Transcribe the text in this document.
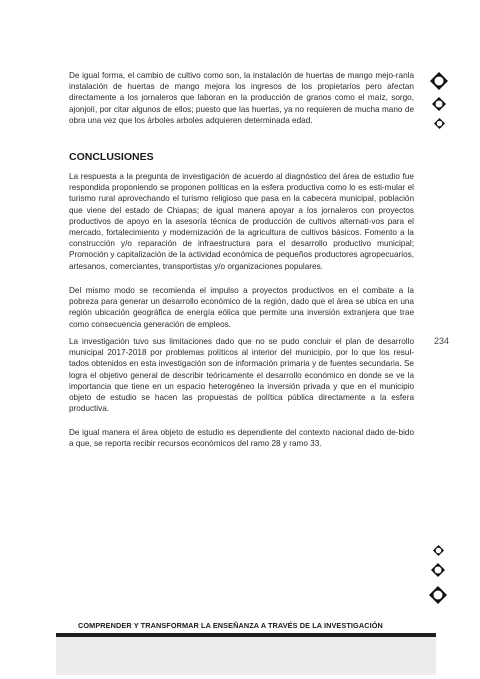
De igual forma, el cambio de cultivo como son, la instalación de huertas de mango mejo-ranla instalación de huertas de mango mejora los ingresos de los propietarios pero afectan directamente a los jornaleros que laboran en la producción de granos como el maíz, sorgo, ajonjolí, por citar algunos de ellos; puesto que las huertas, ya no requieren de mucha mano de obra una vez que los árboles arboles adquieren determinada edad.

CONCLUSIONES

La respuesta a la pregunta de investigación de acuerdo al diagnóstico del área de estudio fue respondida proponiendo se proponen políticas en la esfera productiva como lo es esti-mular el turismo rural aprovechando el turismo religioso que pasa en la cabecera municipal, población que viene del estado de Chiapas; de igual manera apoyar a los jornaleros con proyectos productivos de apoyo en la asesoría técnica de producción de cultivos alternati-vos para el mercado, fortalecimiento y modernización de la agricultura de cultivos básicos. Fomento a la construcción y/o reparación de infraestructura para el desarrollo productivo municipal; Promoción y capitalización de la actividad económica de pequeños productores agropecuarios, artesanos, comerciantes, transportistas y/o organizaciones populares.

Del mismo modo se recomienda el impulso a proyectos productivos en el combate a la pobreza para generar un desarrollo económico de la región, dado que el área se ubica en una región ubicación geográfica de energía eólica que permite una inversión extranjera que trae como consecuencia generación de empleos.

La investigación tuvo sus limitaciones dado que no se pudo concluir el plan de desarrollo municipal 2017-2018 por problemas políticos al interior del municipio, por lo que los resul-tados obtenidos en esta investigación son de información primaria y de fuentes secundaria. Se logra el objetivo general de describir teóricamente el desarrollo económico en donde se ve la importancia que tiene en un espacio heterogéneo la inversión privada y que en el municipio objeto de estudio se hacen las propuestas de política pública directamente a la esfera productiva.

De igual manera el área objeto de estudio es dependiente del contexto nacional dado de-bido a que, se reporta recibir recursos económicos del ramo 28 y ramo 33.

234
COMPRENDER Y TRANSFORMAR LA ENSEÑANZA A TRAVÉS DE LA INVESTIGACIÓN
